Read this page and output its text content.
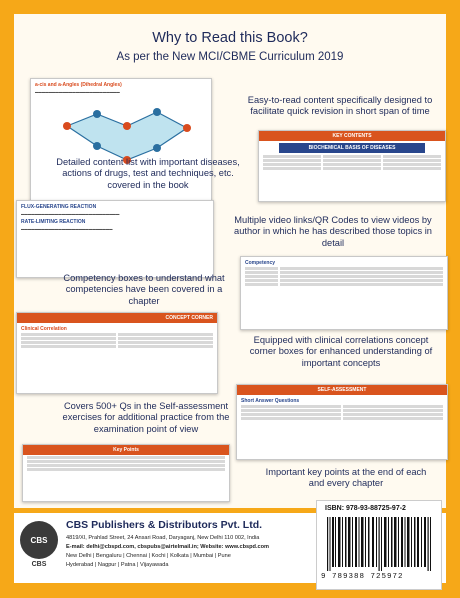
Why to Read this Book?
As per the New MCI/CBME Curriculum 2019
a-cis and a-Angles (Dihedral Angles)
▬▬▬▬▬▬▬▬▬▬▬▬▬▬▬▬▬▬▬▬▬▬▬▬▬
Easy-to-read content specifically designed to facilitate quick revision in short span of time
KEY CONTENTS
BIOCHEMICAL BASIS OF DISEASES
Detailed content list with important diseases, actions of drugs, test and techniques, etc. covered in the book
FLUX-GENERATING REACTION
▬▬▬▬▬▬▬▬▬▬▬▬▬▬▬▬▬▬▬▬▬▬▬▬▬▬▬▬▬
RATE-LIMITING REACTION
▬▬▬▬▬▬▬▬▬▬▬▬▬▬▬▬▬▬▬▬▬▬▬▬▬▬▬
Multiple video links/QR Codes to view videos by author in which he has described those topics in detail
Competency
Competency boxes to understand what competencies have been covered in a chapter
CONCEPT CORNER
Clinical Correlation
Equipped with clinical correlations concept corner boxes for enhanced understanding of important concepts
SELF-ASSESSMENT
Short Answer Questions
Covers 500+ Qs in the Self-assessment exercises for additional practice from the examination point of view
Key Points
Important key points at the end of each and every chapter
CBS
CBS
CBS Publishers & Distributors Pvt. Ltd.
4819/XI, Prahlad Street, 24 Ansari Road, Daryaganj, New Delhi 110 002, India
E-mail: delhi@cbspd.com, cbspubs@airtelmail.in; Website: www.cbspd.com
New Delhi | Bengaluru | Chennai | Kochi | Kolkata | Mumbai | Pune
Hyderabad | Nagpur | Patna | Vijayawada
ISBN: 978-93-88725-97-2
9 789388 725972
